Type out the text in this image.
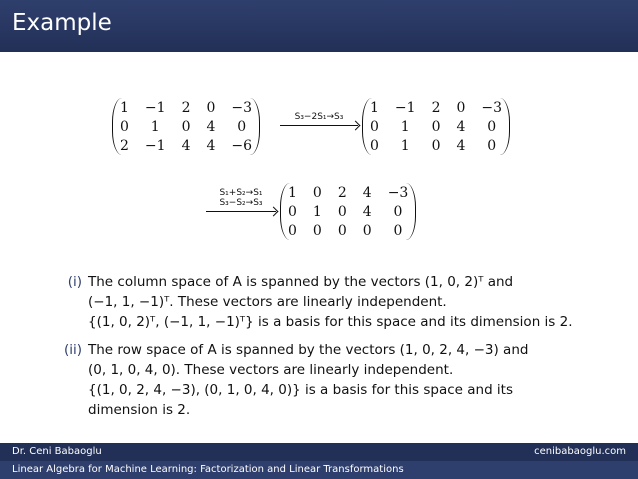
Example
1	−1	2	0	−3
0	1	0	4	0
2	−1	4	4	−6
S₃−2S₁→S₃
1	−1	2	0	−3
0	1	0	4	0
0	1	0	4	0
S₁+S₂→S₁
S₃−S₂→S₃
1	0	2	4	−3
0	1	0	4	0
0	0	0	0	0
(i) The column space of A is spanned by the vectors (1, 0, 2)ᵀ and
(−1, 1, −1)ᵀ. These vectors are linearly independent.
{(1, 0, 2)ᵀ, (−1, 1, −1)ᵀ} is a basis for this space and its dimension is 2.
(ii) The row space of A is spanned by the vectors (1, 0, 2, 4, −3) and
(0, 1, 0, 4, 0). These vectors are linearly independent.
{(1, 0, 2, 4, −3), (0, 1, 0, 4, 0)} is a basis for this space and its
dimension is 2.
Dr. Ceni Babaoglu	cenibabaoglu.com
Linear Algebra for Machine Learning: Factorization and Linear Transformations
